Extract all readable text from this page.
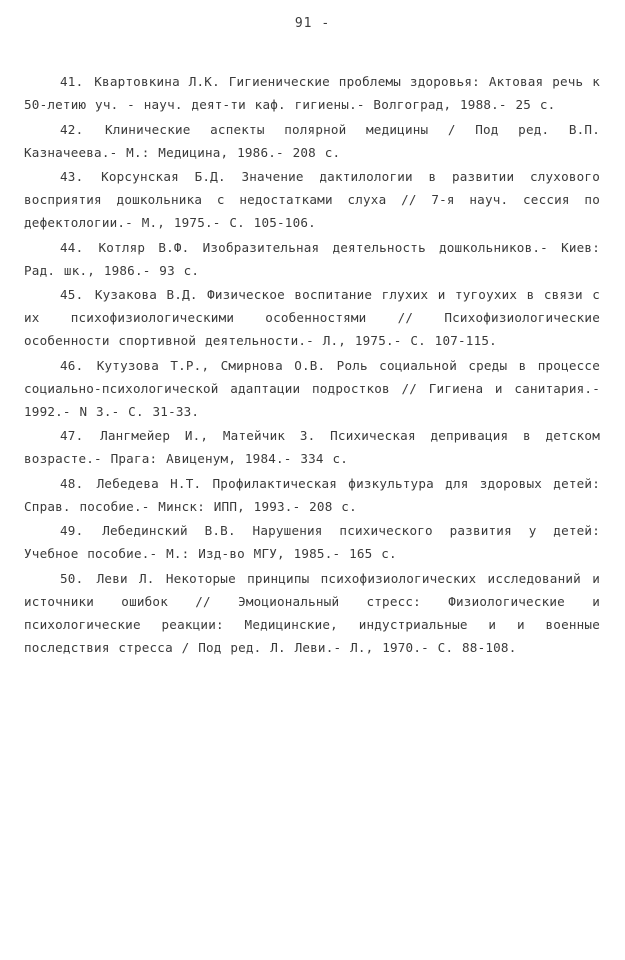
91 -

41. Квартовкина Л.К. Гигиенические проблемы здоровья: Актовая речь к 50-летию уч. - науч. деят-ти каф. гигиены.- Волгоград, 1988.- 25 с.

42. Клинические аспекты полярной медицины / Под ред. В.П. Казначеева.- М.: Медицина, 1986.- 208 с.

43. Корсунская Б.Д. Значение дактилологии в развитии слухового восприятия дошкольника с недостатками слуха // 7-я науч. сессия по дефектологии.- М., 1975.- С. 105-106.

44. Котляр В.Ф. Изобразительная деятельность дошкольников.- Киев: Рад. шк., 1986.- 93 с.

45. Кузакова В.Д. Физическое воспитание глухих и тугоухих в связи с их психофизиологическими особенностями // Психофизиологические особенности спортивной деятельности.- Л., 1975.- С. 107-115.

46. Кутузова Т.Р., Смирнова О.В. Роль социальной среды в процессе социально-психологической адаптации подростков // Гигиена и санитария.- 1992.- N 3.- С. 31-33.

47. Лангмейер И., Матейчик З. Психическая депривация в детском возрасте.- Прага: Авиценум, 1984.- 334 с.

48. Лебедева Н.Т. Профилактическая физкультура для здоровых детей: Справ. пособие.- Минск: ИПП, 1993.- 208 с.

49. Лебединский В.В. Нарушения психического развития у детей: Учебное пособие.- М.: Изд-во МГУ, 1985.- 165 с.

50. Леви Л. Некоторые принципы психофизиологических исследований и источники ошибок // Эмоциональный стресс: Физиологические и психологические реакции: Медицинские, индустриальные и и военные последствия стресса / Под ред. Л. Леви.- Л., 1970.- С. 88-108.
